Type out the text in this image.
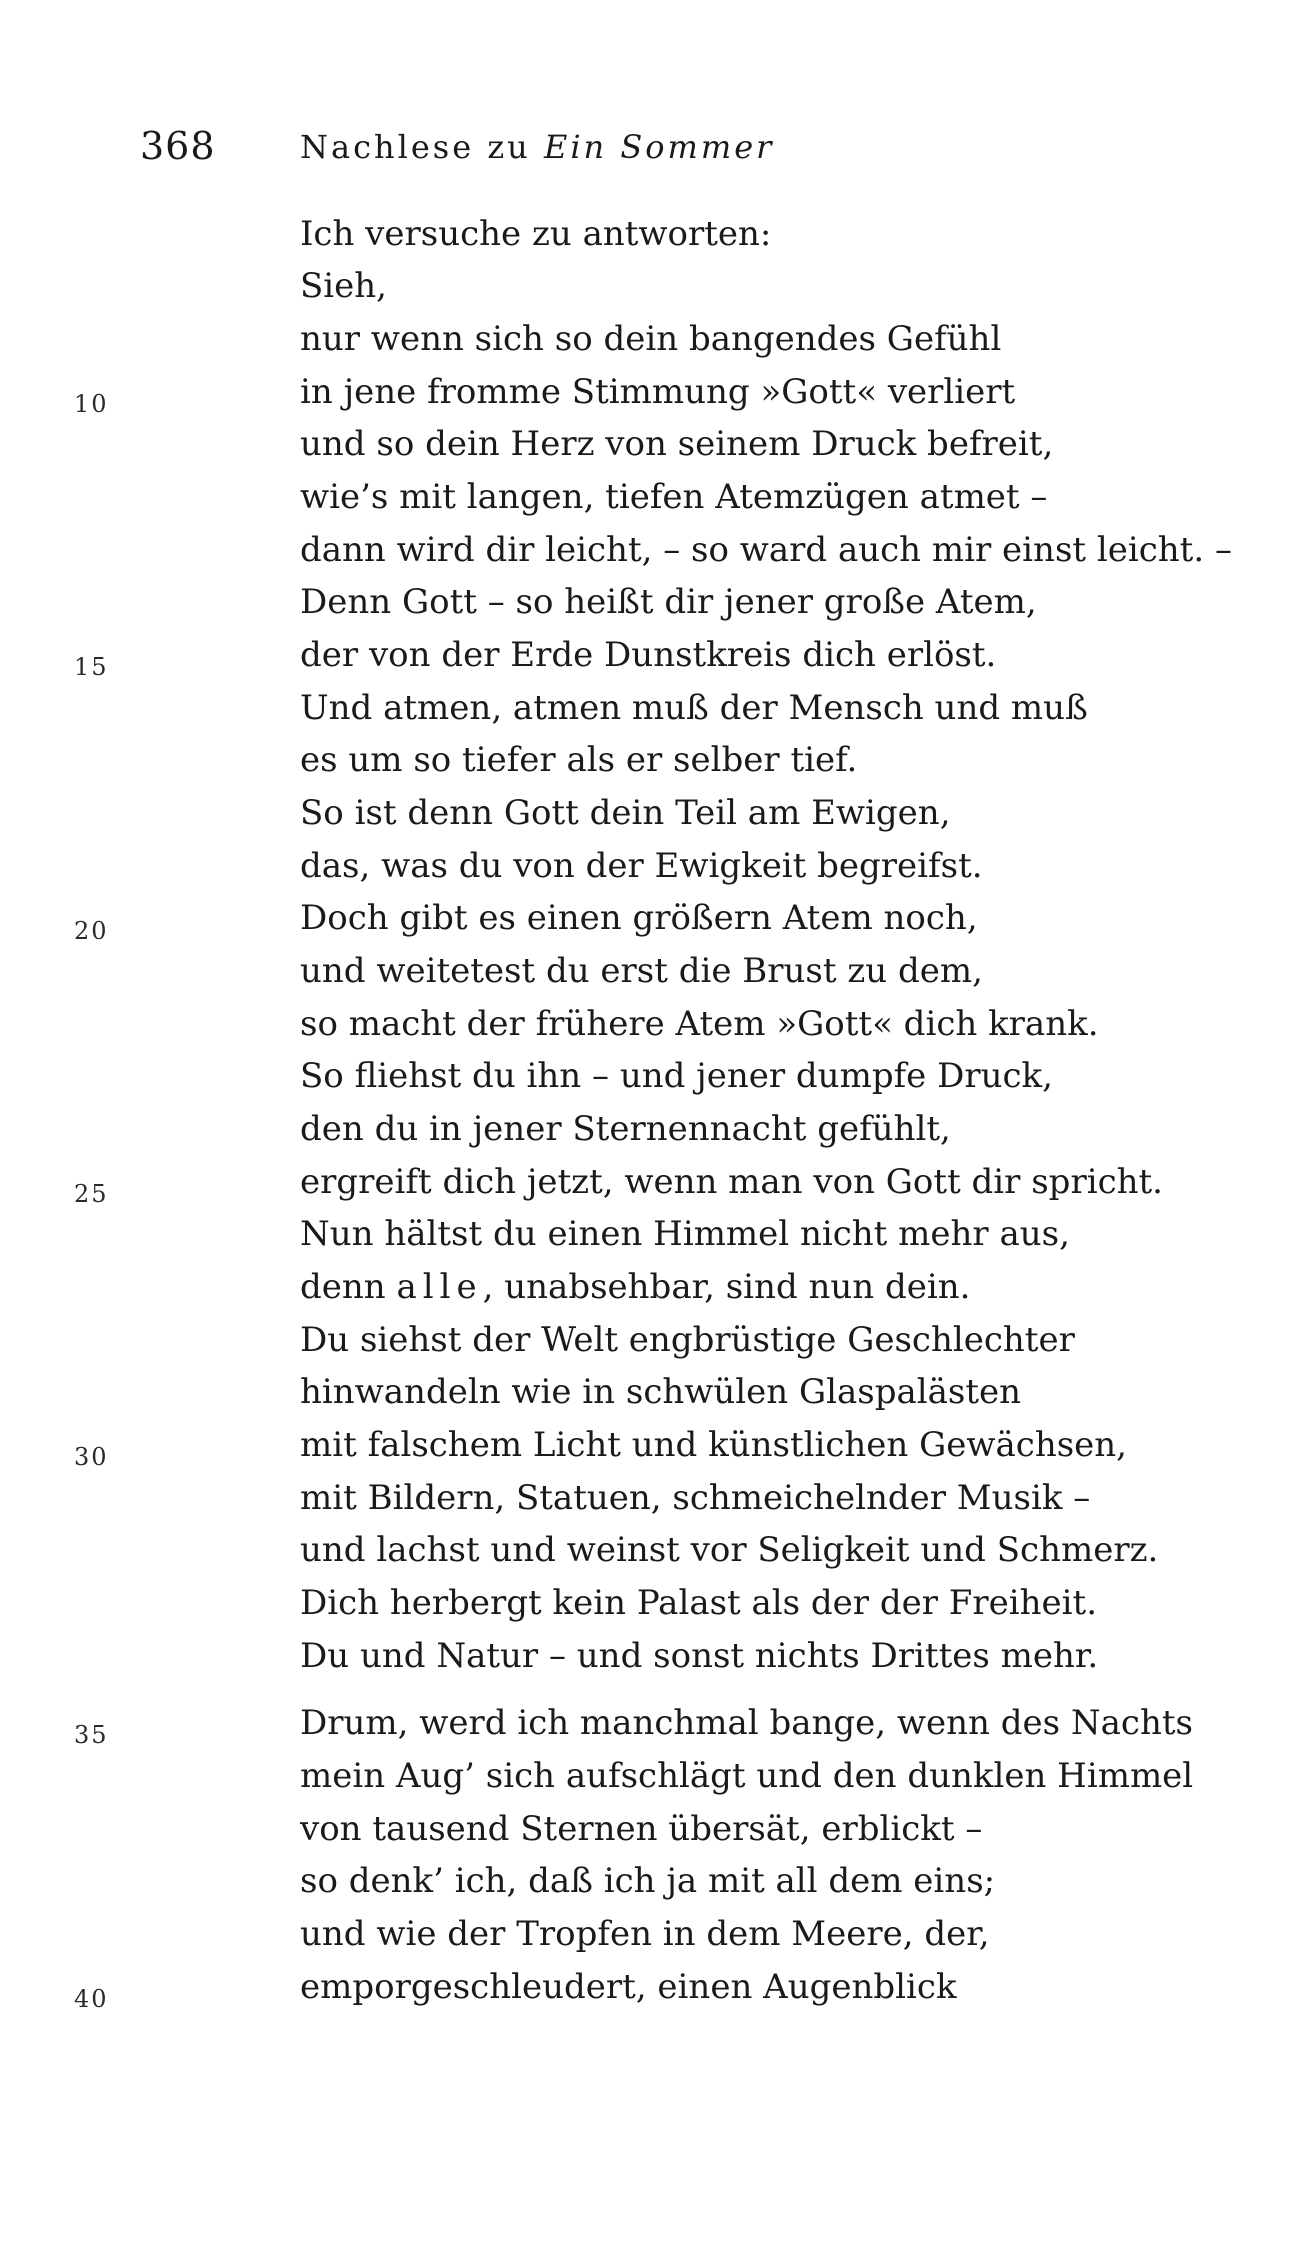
368	Nachlese zu Ein Sommer
10
15
20
25
30
35
40
Ich versuche zu antworten:
Sieh,
nur wenn sich so dein bangendes Gefühl
in jene fromme Stimmung »Gott« verliert
und so dein Herz von seinem Druck befreit,
wie’s mit langen, tiefen Atemzügen atmet –
dann wird dir leicht, – so ward auch mir einst leicht. –
Denn Gott – so heißt dir jener große Atem,
der von der Erde Dunstkreis dich erlöst.
Und atmen, atmen muß der Mensch und muß
es um so tiefer als er selber tief.
So ist denn Gott dein Teil am Ewigen,
das, was du von der Ewigkeit begreifst.
Doch gibt es einen größern Atem noch,
und weitetest du erst die Brust zu dem,
so macht der frühere Atem »Gott« dich krank.
So fliehst du ihn – und jener dumpfe Druck,
den du in jener Sternennacht gefühlt,
ergreift dich jetzt, wenn man von Gott dir spricht.
Nun hältst du einen Himmel nicht mehr aus,
denn alle, unabsehbar, sind nun dein.
Du siehst der Welt engbrüstige Geschlechter
hinwandeln wie in schwülen Glaspalästen
mit falschem Licht und künstlichen Gewächsen,
mit Bildern, Statuen, schmeichelnder Musik –
und lachst und weinst vor Seligkeit und Schmerz.
Dich herbergt kein Palast als der der Freiheit.
Du und Natur – und sonst nichts Drittes mehr.
Drum, werd ich manchmal bange, wenn des Nachts
mein Aug’ sich aufschlägt und den dunklen Himmel
von tausend Sternen übersät, erblickt –
so denk’ ich, daß ich ja mit all dem eins;
und wie der Tropfen in dem Meere, der,
emporgeschleudert, einen Augenblick
